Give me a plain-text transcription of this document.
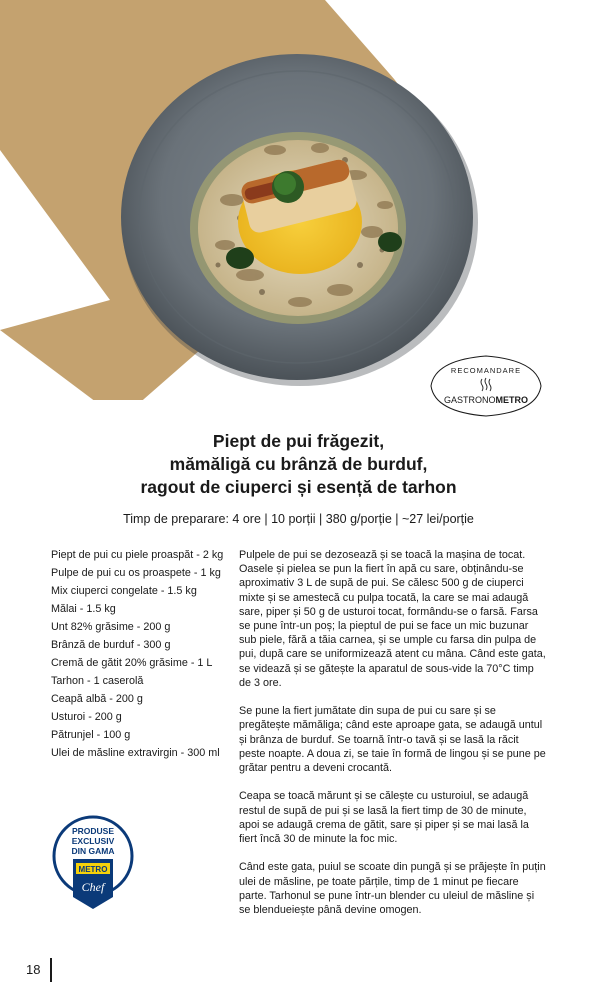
RECOMANDARE
GASTRONOMETRO
Piept de pui frăgezit,
mămăligă cu brânză de burduf,
ragout de ciuperci și esență de tarhon
Timp de preparare: 4 ore | 10 porții | 380 g/porție | ~27 lei/porție
Piept de pui cu piele proaspăt - 2 kg
Pulpe de pui cu os proaspete - 1 kg
Mix ciuperci congelate - 1.5 kg
Mălai - 1.5 kg
Unt 82% grăsime - 200 g
Brânză de burduf - 300 g
Cremă de gătit 20% grăsime - 1 L
Tarhon - 1 caserolă
Ceapă albă - 200 g
Usturoi - 200 g
Pătrunjel - 100 g
Ulei de măsline extravirgin - 300 ml

Pulpele de pui se dezosează și se toacă la mașina de tocat. Oasele și pielea se pun la fiert în apă cu sare, obținându-se aproximativ 3 L de supă de pui. Se călesc 500 g de ciuperci mixte și se amestecă cu pulpa tocată, la care se mai adaugă sare, piper și 50 g de usturoi tocat, formându-se o farsă. Farsa se pune într-un poș; la pieptul de pui se face un mic buzunar sub piele, fără a tăia carnea, și se umple cu farsa din pulpa de pui, după care se uniformizează atent cu mâna. Când este gata, se videază și se gătește la aparatul de sous-vide la 70°C timp de 3 ore.

Se pune la fiert jumătate din supa de pui cu sare și se pregătește mămăliga; când este aproape gata, se adaugă untul și brânza de burduf. Se toarnă într-o tavă și se lasă la răcit peste noapte. A doua zi, se taie în formă de lingou și se pune pe grătar pentru a deveni crocantă.

Ceapa se toacă mărunt și se călește cu usturoiul, se adaugă restul de supă de pui și se lasă la fiert timp de 30 de minute, apoi se adaugă crema de gătit, sare și piper și se mai lasă la fiert încă 30 de minute la foc mic.

Când este gata, puiul se scoate din pungă și se prăjește în puțin ulei de măsline, pe toate părțile, timp de 1 minut pe fiecare parte. Tarhonul se pune într-un blender cu uleiul de măsline și se blendueiește până devine omogen.

PRODUSE
EXCLUSIV
DIN GAMA
METRO
Chef
18
